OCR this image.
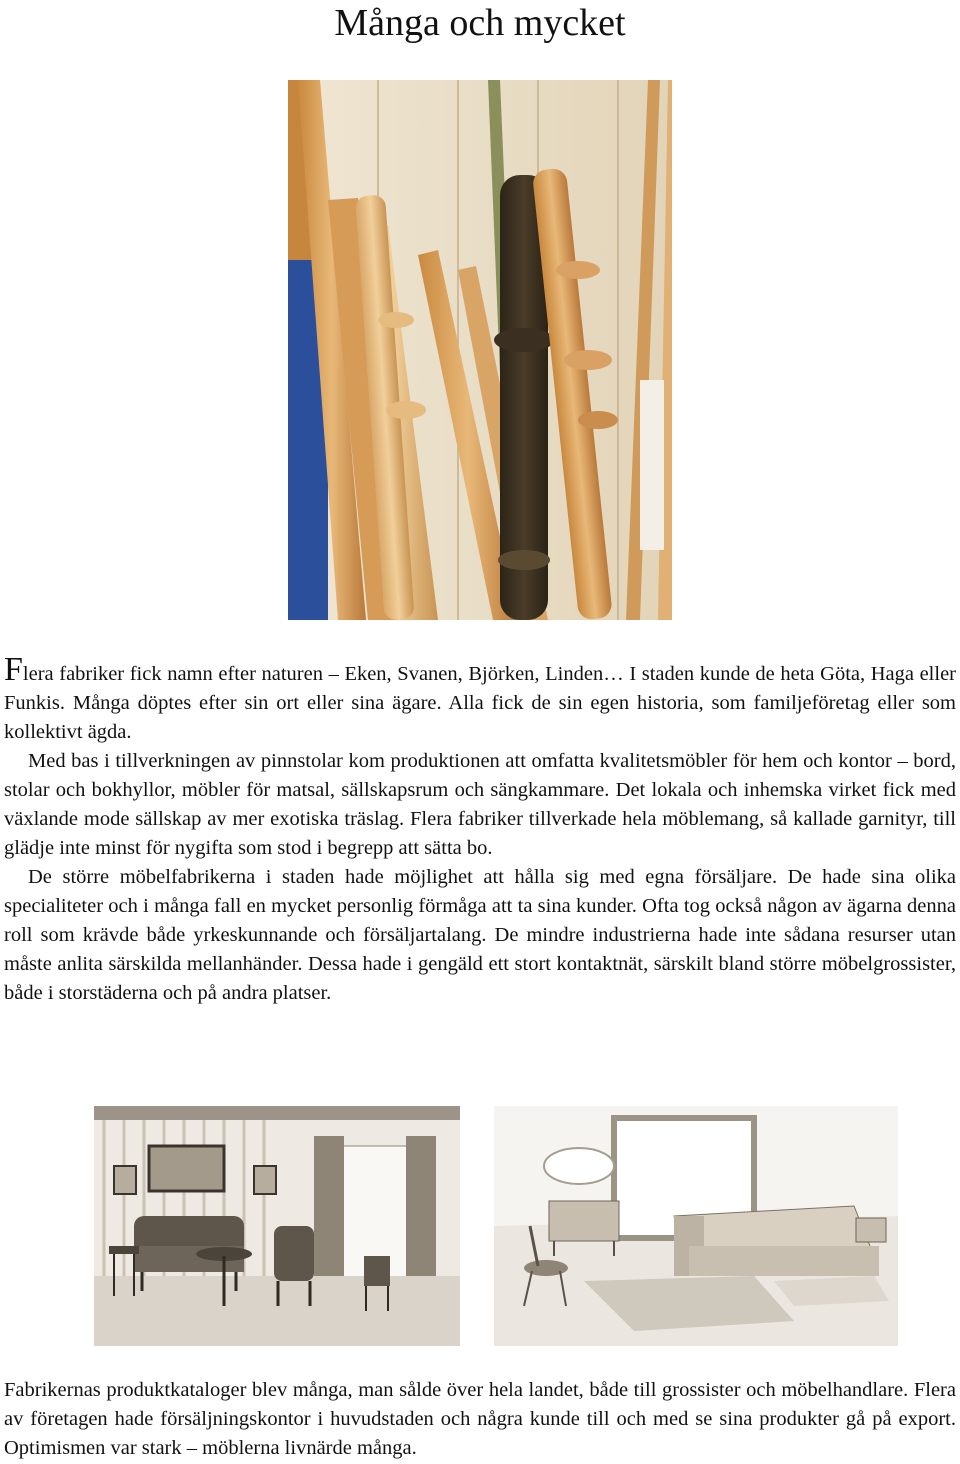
Många och mycket
Flera fabriker fick namn efter naturen – Eken, Svanen, Björken, Linden… I staden kunde de heta Göta, Haga eller Funkis. Många döptes efter sin ort eller sina ägare. Alla fick de sin egen historia, som familjeföretag eller som kollektivt ägda.
Med bas i tillverkningen av pinnstolar kom produktionen att omfatta kvalitetsmöbler för hem och kontor – bord, stolar och bokhyllor, möbler för matsal, sällskapsrum och sängkammare. Det lokala och inhemska virket fick med växlande mode sällskap av mer exotiska träslag. Flera fabriker tillverkade hela möblemang, så kallade garnityr, till glädje inte minst för nygifta som stod i begrepp att sätta bo.
De större möbelfabrikerna i staden hade möjlighet att hålla sig med egna försäljare. De hade sina olika specialiteter och i många fall en mycket personlig förmåga att ta sina kunder. Ofta tog också någon av ägarna denna roll som krävde både yrkeskunnande och försäljartalang. De mindre industrierna hade inte sådana resurser utan måste anlita särskilda mellanhänder. Dessa hade i gengäld ett stort kontaktnät, särskilt bland större möbelgrossister, både i storstäderna och på andra platser.
Fabrikernas produktkataloger blev många, man sålde över hela landet, både till grossister och möbelhandlare. Flera av företagen hade försäljningskontor i huvudstaden och några kunde till och med se sina produkter gå på export. Optimismen var stark – möblerna livnärde många.
